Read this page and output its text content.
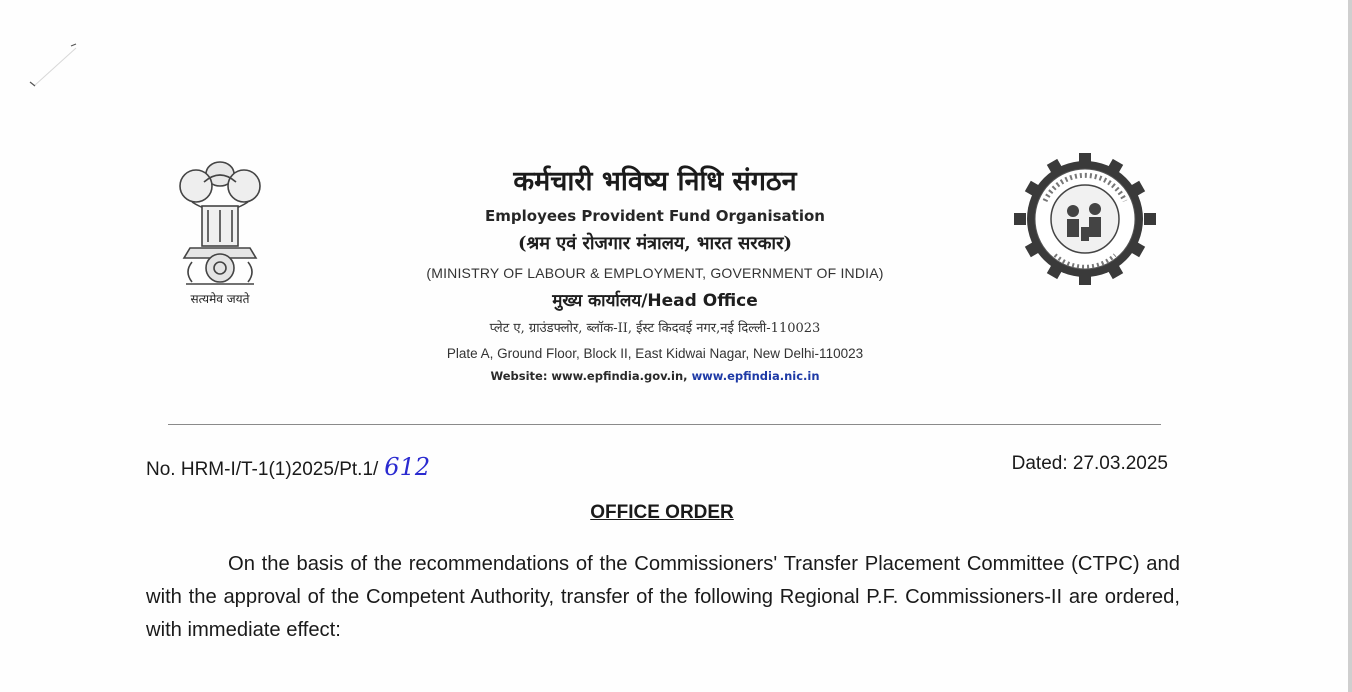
सत्यमेव जयते
कर्मचारी भविष्य निधि संगठन
Employees Provident Fund Organisation
(श्रम एवं रोजगार मंत्रालय, भारत सरकार)
(MINISTRY OF LABOUR & EMPLOYMENT, GOVERNMENT OF INDIA)
मुख्य कार्यालय/Head Office
प्लेट ए, ग्राउंडफ्लोर, ब्लॉक-II, ईस्ट किदवई नगर,नई दिल्ली-110023
Plate A, Ground Floor, Block II, East Kidwai Nagar, New Delhi-110023
Website: www.epfindia.gov.in, www.epfindia.nic.in
No. HRM-I/T-1(1)2025/Pt.1/ 612	Dated: 27.03.2025
OFFICE ORDER
On the basis of the recommendations of the Commissioners' Transfer Placement Committee (CTPC) and with the approval of the Competent Authority, transfer of the following Regional P.F. Commissioners-II are ordered, with immediate effect:
